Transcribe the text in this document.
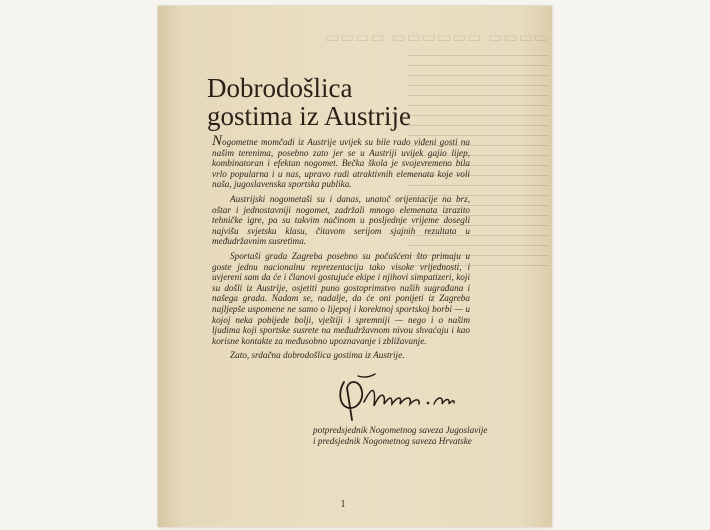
▭▭▭▭ ▭▭▭▭▭▭ ▭▭▭▭
Dobrodošlica
gostima iz Austrije

Nogometne momčadi iz Austrije uvijek su bile rado viđeni gosti na našim terenima, posebno zato jer se u Austriji uvijek gajio lijep, kombinatoran i efektan nogomet. Bečka škola je svojevremeno bila vrlo popularna i u nas, upravo radi atraktivnih elemenata koje voli naša, jugoslavenska sportska publika.

Austrijski nogometaši su i danas, unatoč orijentacije na brz, oštar i jednostavniji nogomet, zadržali mnogo elemenata izrazito tehničke igre, pa su takvim načinom u posljednje vrijeme dosegli najvišu svjetsku klasu, čitavom serijom sjajnih rezultata u međudržavnim susretima.

Sportaši grada Zagreba posebno su počašćeni što primaju u goste jednu nacionalnu reprezentaciju tako visoke vrijednosti, i uvjereni sam da će i članovi gostujuće ekipe i njihovi simpatizeri, koji su došli iz Austrije, osjetiti puno gostoprimstvo naših sugrađana i našega grada. Nadam se, nadalje, da će oni ponijeti iz Zagreba najljepše uspomene ne samo o lijepoj i korektnoj sportskoj borbi — u kojoj neka pobijede bolji, vještiji i spremniji — nego i o našim ljudima koji sportske susrete na međudržavnom nivou shvaćaju i kao korisne kontakte za međusobno upoznavanje i zbližavanje.

Zato, srdačna dobrodošlica gostima iz Austrije.

potpredsjednik Nogometnog saveza Jugoslavije
i predsjednik Nogometnog saveza Hrvatske
1
